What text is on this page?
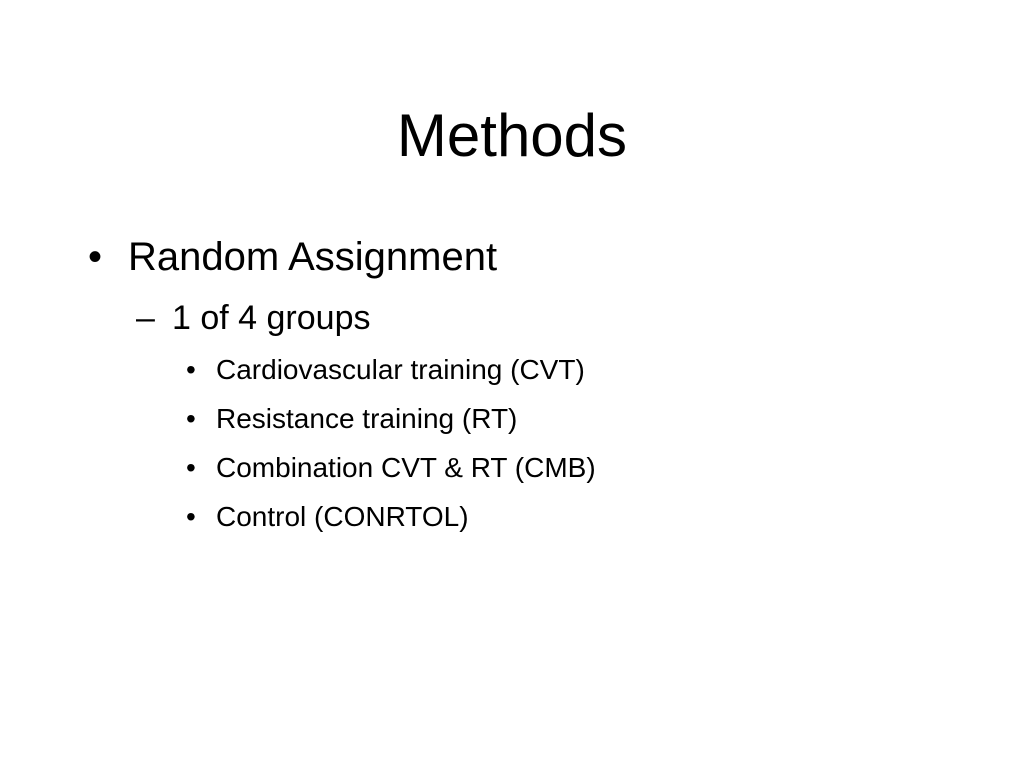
Methods
• Random Assignment
– 1 of 4 groups
• Cardiovascular training (CVT)
• Resistance training (RT)
• Combination CVT & RT (CMB)
• Control (CONRTOL)
